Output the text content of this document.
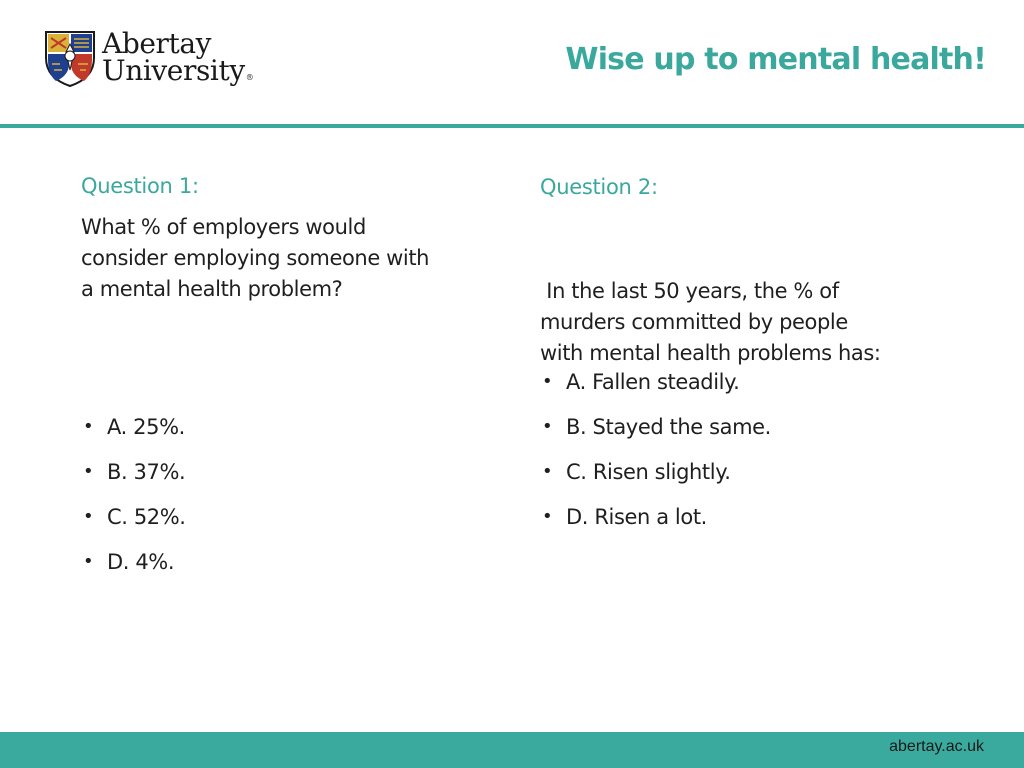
Abertay
University®
Wise up to mental health!
Question 1:

What % of employers would
consider employing someone with
a mental health problem?

• A. 25%.
• B. 37%.
• C. 52%.
• D. 4%.
Question 2:

In the last 50 years, the % of
murders committed by people
with mental health problems has:

• A. Fallen steadily.
• B. Stayed the same.
• C. Risen slightly.
• D. Risen a lot.
abertay.ac.uk
